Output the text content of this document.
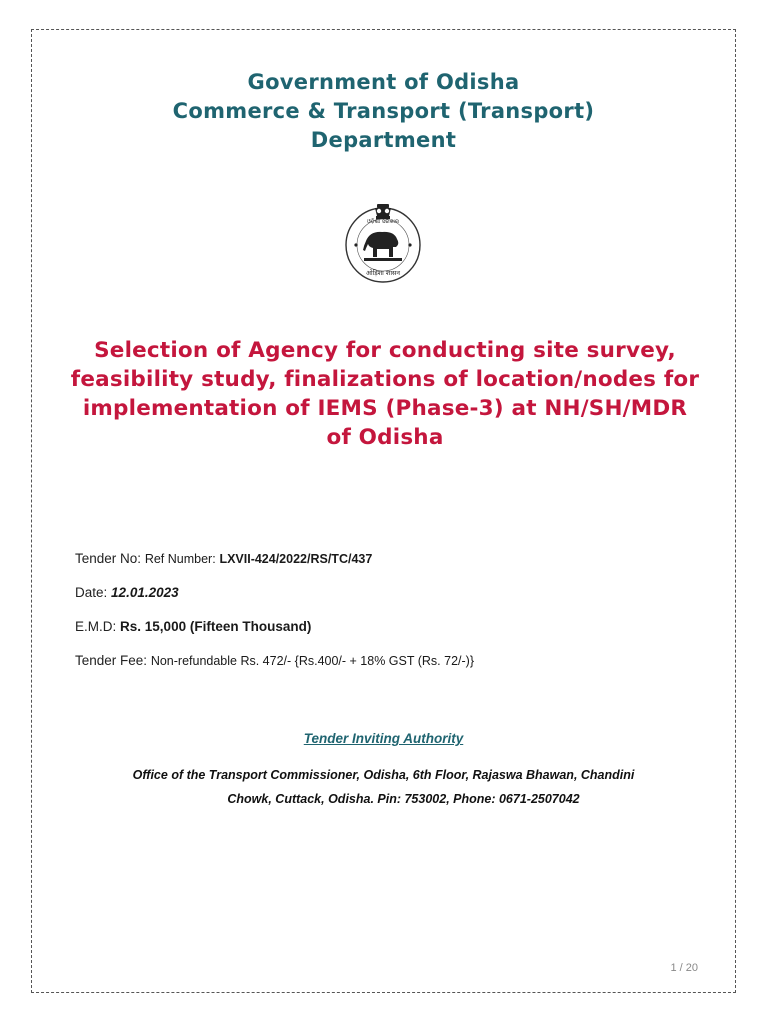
Government of Odisha
Commerce & Transport (Transport)
Department
ଓଡ଼ିଶା ସରକାର
ओड़िशा शासन
Selection of Agency for conducting site survey,
feasibility study, finalizations of location/nodes for
implementation of IEMS (Phase-3) at NH/SH/MDR
of Odisha
Tender No: Ref Number: LXVII-424/2022/RS/TC/437
Date: 12.01.2023
E.M.D: Rs. 15,000 (Fifteen Thousand)
Tender Fee: Non-refundable Rs. 472/- {Rs.400/- + 18% GST (Rs. 72/-)}
Tender Inviting Authority
Office of the Transport Commissioner, Odisha, 6th Floor, Rajaswa Bhawan, Chandini
Chowk, Cuttack, Odisha. Pin: 753002, Phone: 0671-2507042
1 / 20
